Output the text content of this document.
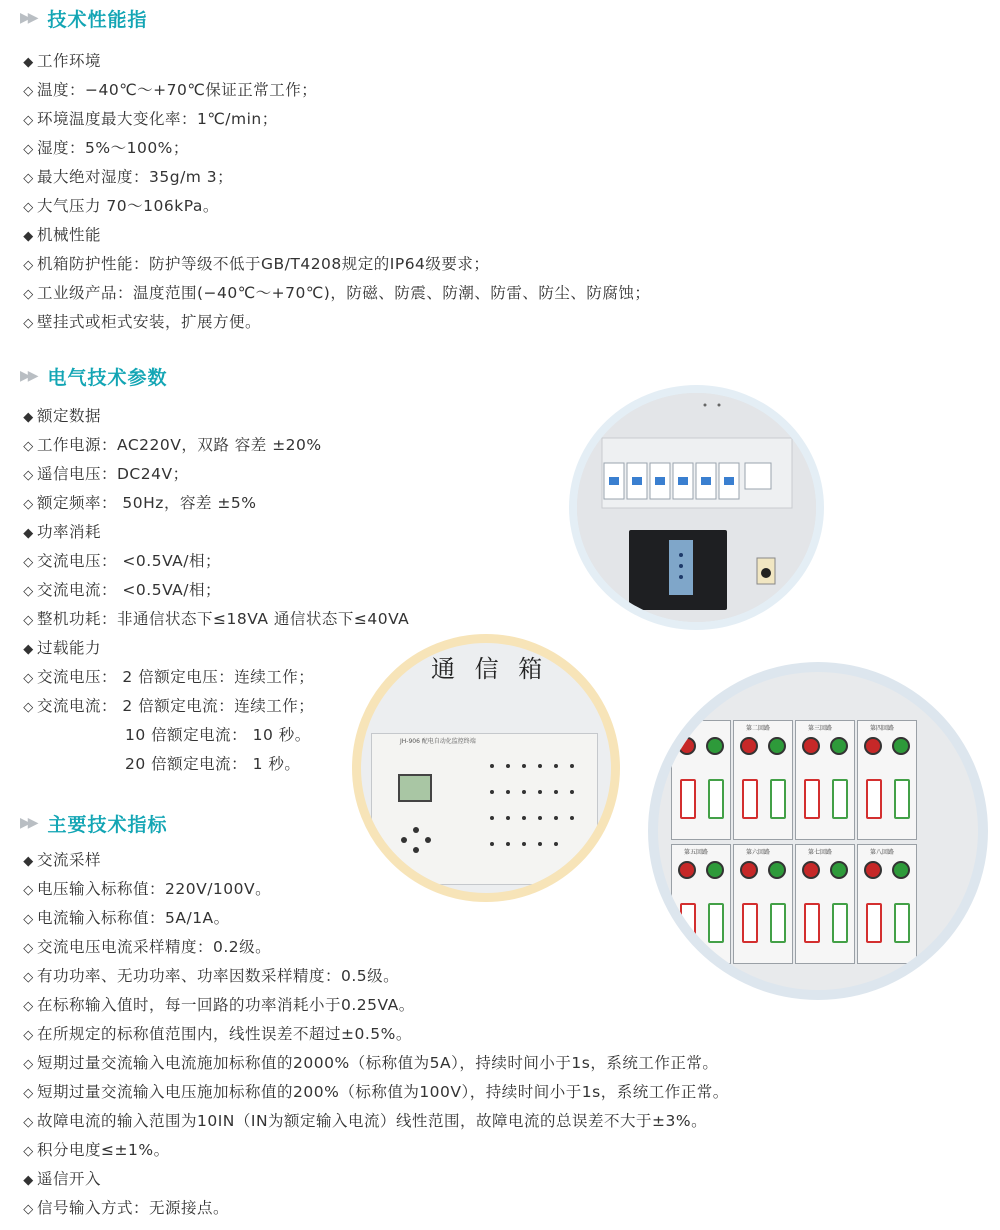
▶▶ 技术性能指
◆ 工作环境
◇ 温度：−40℃～+70℃保证正常工作；
◇ 环境温度最大变化率：1℃/min；
◇ 湿度：5%～100%；
◇ 最大绝对湿度：35g/m 3；
◇ 大气压力 70～106kPa。
◆ 机械性能
◇ 机箱防护性能：防护等级不低于GB/T4208规定的IP64级要求；
◇ 工业级产品：温度范围(−40℃～+70℃)，防磁、防震、防潮、防雷、防尘、防腐蚀；
◇ 壁挂式或柜式安装，扩展方便。
▶▶ 电气技术参数
◆ 额定数据
◇ 工作电源：AC220V，双路 容差 ±20%
◇ 遥信电压：DC24V；
◇ 额定频率： 50Hz，容差 ±5%
◆ 功率消耗
◇ 交流电压： <0.5VA/相；
◇ 交流电流： <0.5VA/相；
◇ 整机功耗：非通信状态下≤18VA 通信状态下≤40VA
◆ 过载能力
◇ 交流电压： 2 倍额定电压：连续工作；
◇ 交流电流： 2 倍额定电流：连续工作；
10 倍额定电流： 10 秒。
20 倍额定电流： 1 秒。
▶▶ 主要技术指标
◆ 交流采样
◇ 电压输入标称值：220V/100V。
◇ 电流输入标称值：5A/1A。
◇ 交流电压电流采样精度：0.2级。
◇ 有功功率、无功功率、功率因数采样精度：0.5级。
◇ 在标称输入值时，每一回路的功率消耗小于0.25VA。
◇ 在所规定的标称值范围内，线性误差不超过±0.5%。
◇ 短期过量交流输入电流施加标称值的2000%（标称值为5A），持续时间小于1s，系统工作正常。
◇ 短期过量交流输入电压施加标称值的200%（标称值为100V），持续时间小于1s，系统工作正常。
◇ 故障电流的输入范围为10IN（IN为额定输入电流）线性范围，故障电流的总误差不大于±3%。
◇ 积分电度≤±1%。
◆ 遥信开入
◇ 信号输入方式：无源接点。
通 信 箱
JH-906 配电自动化监控终端
第二回路	第三回路	第四回路
第五回路	第六回路	第七回路	第八回路
